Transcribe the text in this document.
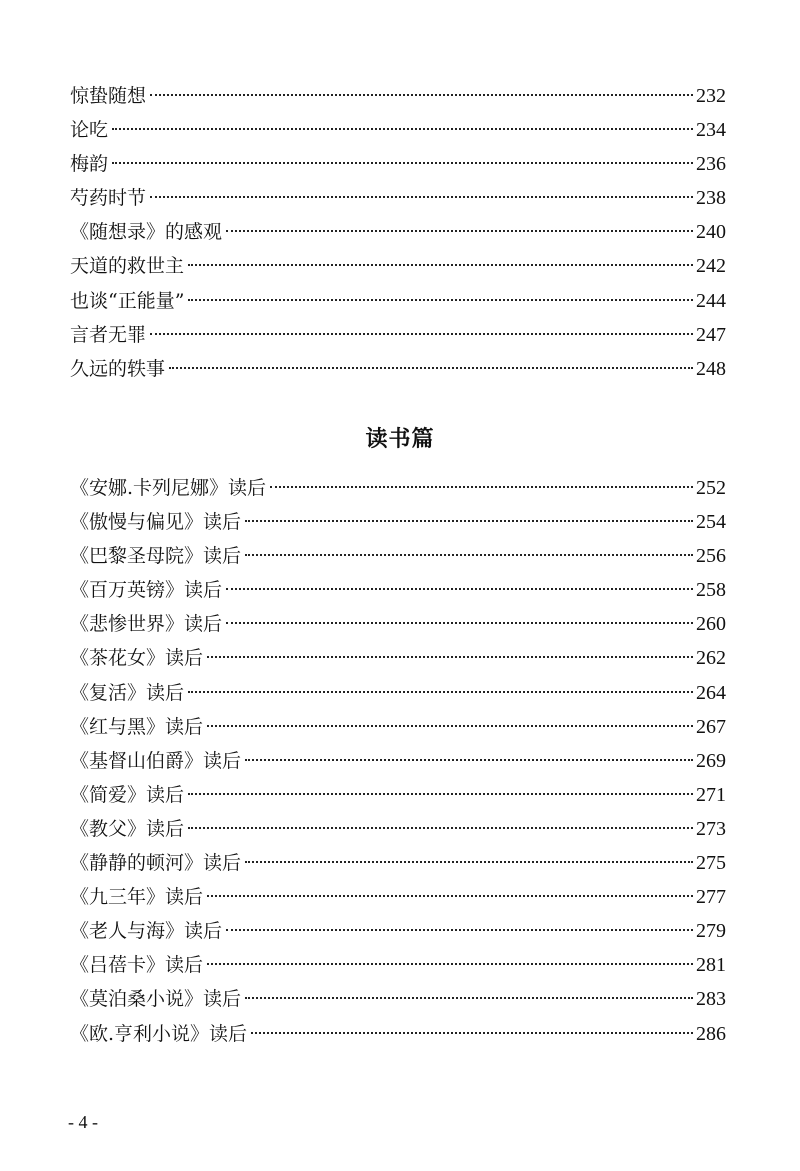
惊蛰随想	232
论吃	234
梅韵	236
芍药时节	238
《随想录》的感观	240
天道的救世主	242
也谈“正能量”	244
言者无罪	247
久远的轶事	248
读书篇
《安娜.卡列尼娜》读后	252
《傲慢与偏见》读后	254
《巴黎圣母院》读后	256
《百万英镑》读后	258
《悲惨世界》读后	260
《茶花女》读后	262
《复活》读后	264
《红与黑》读后	267
《基督山伯爵》读后	269
《简爱》读后	271
《教父》读后	273
《静静的顿河》读后	275
《九三年》读后	277
《老人与海》读后	279
《吕蓓卡》读后	281
《莫泊桑小说》读后	283
《欧.亨利小说》读后	286
- 4 -
